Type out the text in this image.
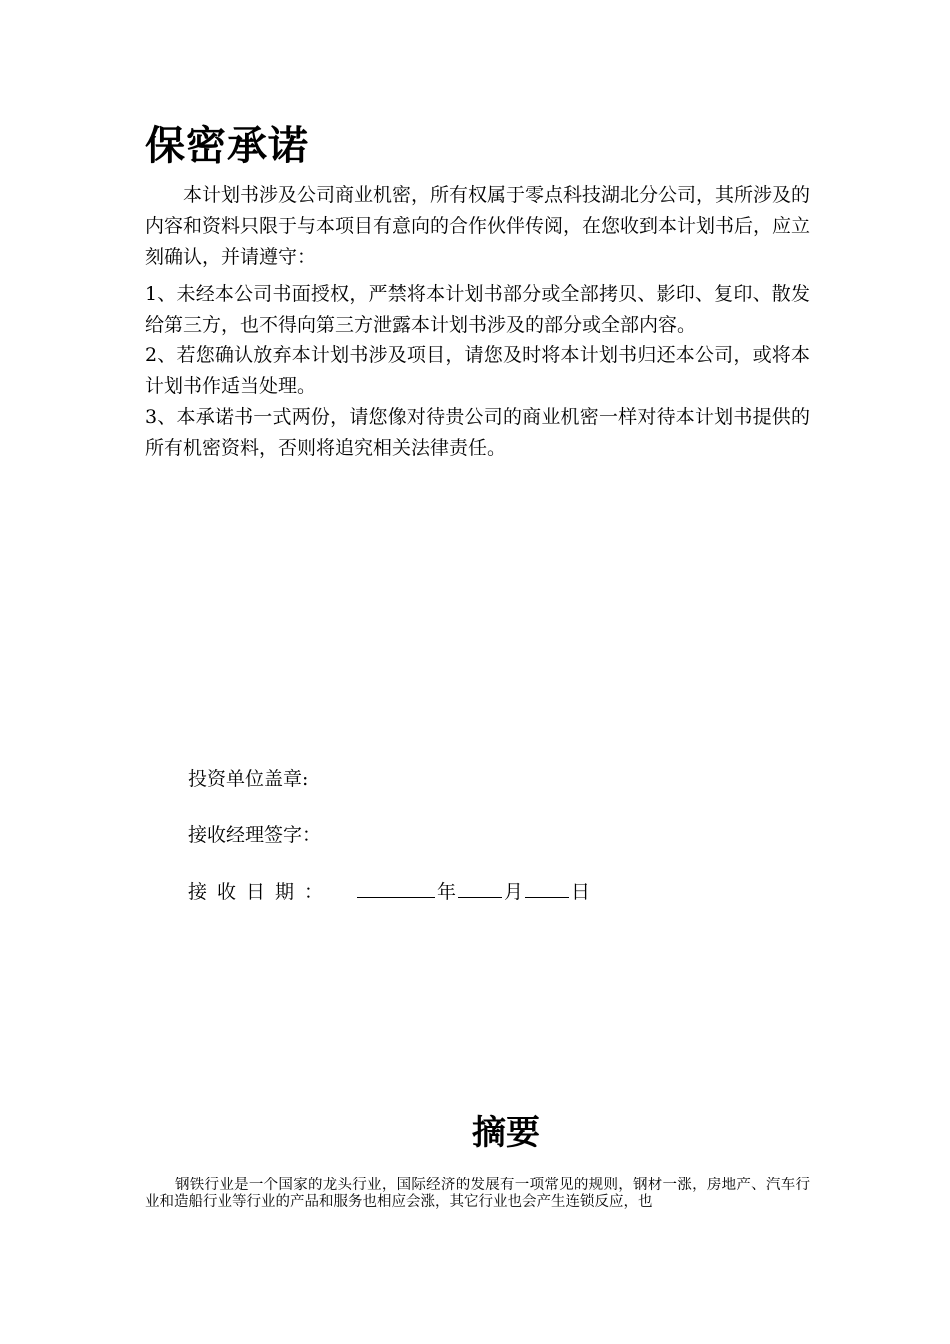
保密承诺

本计划书涉及公司商业机密，所有权属于零点科技湖北分公司，其所涉及的内容和资料只限于与本项目有意向的合作伙伴传阅，在您收到本计划书后，应立刻确认，并请遵守：

1、未经本公司书面授权，严禁将本计划书部分或全部拷贝、影印、复印、散发给第三方，也不得向第三方泄露本计划书涉及的部分或全部内容。

2、若您确认放弃本计划书涉及项目，请您及时将本计划书归还本公司，或将本计划书作适当处理。

3、本承诺书一式两份，请您像对待贵公司的商业机密一样对待本计划书提供的所有机密资料，否则将追究相关法律责任。

投资单位盖章:

接收经理签字：

接收日期：	年	月	日

摘要

钢铁行业是一个国家的龙头行业，国际经济的发展有一项常见的规则，钢材一涨，房地产、汽车行业和造船行业等行业的产品和服务也相应会涨，其它行业也会产生连锁反应，也
